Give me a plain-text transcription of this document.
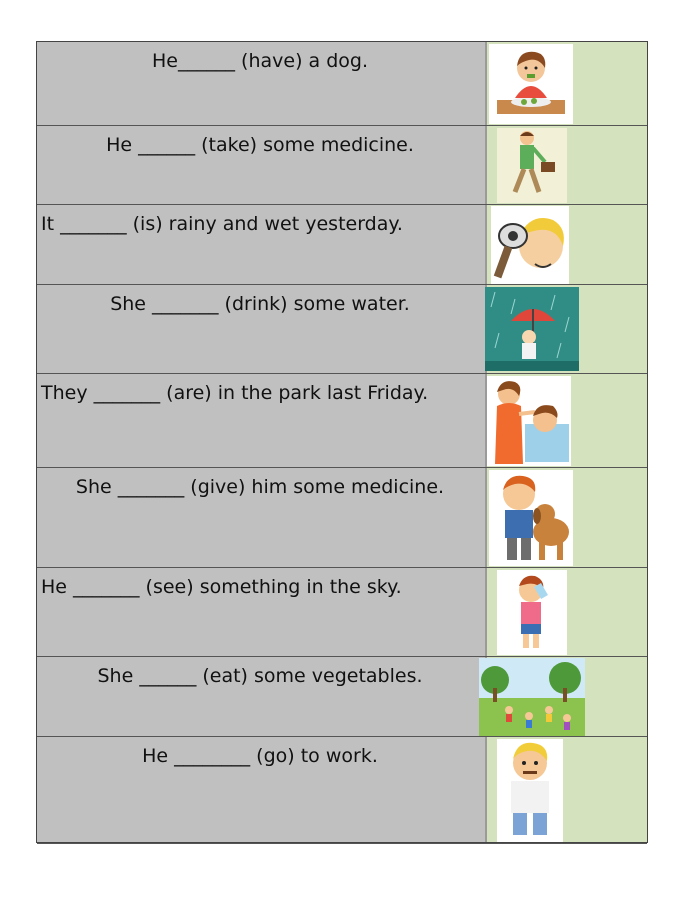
He______ (have) a dog.
He ______ (take) some medicine.
It _______ (is) rainy and wet yesterday.
She _______ (drink) some water.
They _______ (are) in the park last Friday.
She _______ (give) him some medicine.
He _______ (see) something in the sky.
She ______ (eat) some vegetables.
He ________ (go) to work.
